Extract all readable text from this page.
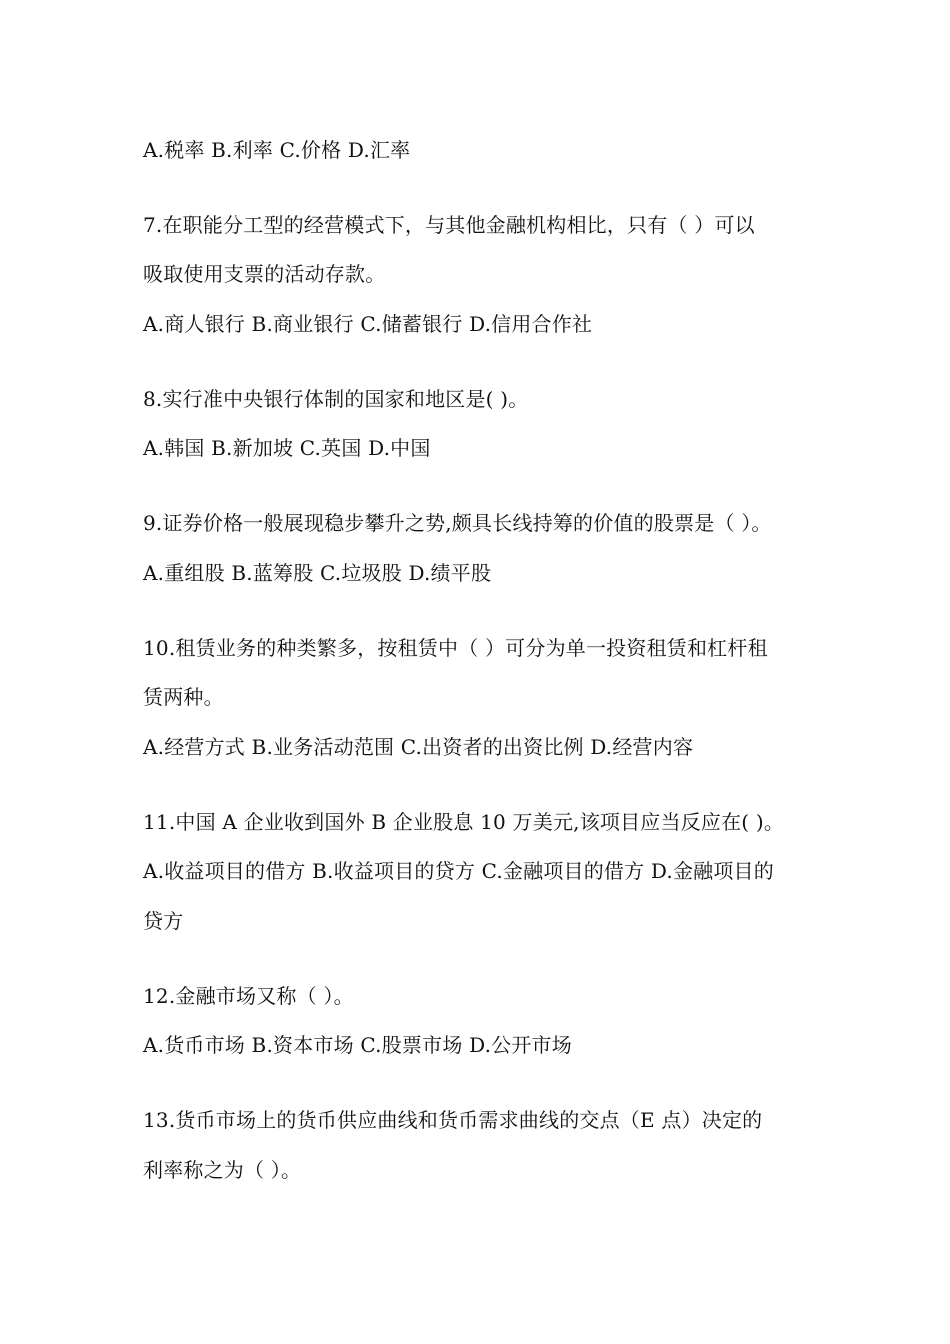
A.税率 B.利率 C.价格 D.汇率
7.在职能分工型的经营模式下，与其他金融机构相比，只有（ ）可以
吸取使用支票的活动存款。
A.商人银行 B.商业银行 C.储蓄银行 D.信用合作社
8.实行准中央银行体制的国家和地区是( )。
A.韩国 B.新加坡 C.英国 D.中国
9.证券价格一般展现稳步攀升之势,颇具长线持筹的价值的股票是（ ）。
A.重组股 B.蓝筹股 C.垃圾股 D.绩平股
10.租赁业务的种类繁多，按租赁中（ ）可分为单一投资租赁和杠杆租
赁两种。
A.经营方式 B.业务活动范围 C.出资者的出资比例 D.经营内容
11.中国 A 企业收到国外 B 企业股息 10 万美元,该项目应当反应在( )。
A.收益项目的借方 B.收益项目的贷方 C.金融项目的借方 D.金融项目的
贷方
12.金融市场又称（ ）。
A.货币市场 B.资本市场 C.股票市场 D.公开市场
13.货币市场上的货币供应曲线和货币需求曲线的交点（E 点）决定的
利率称之为（ ）。
